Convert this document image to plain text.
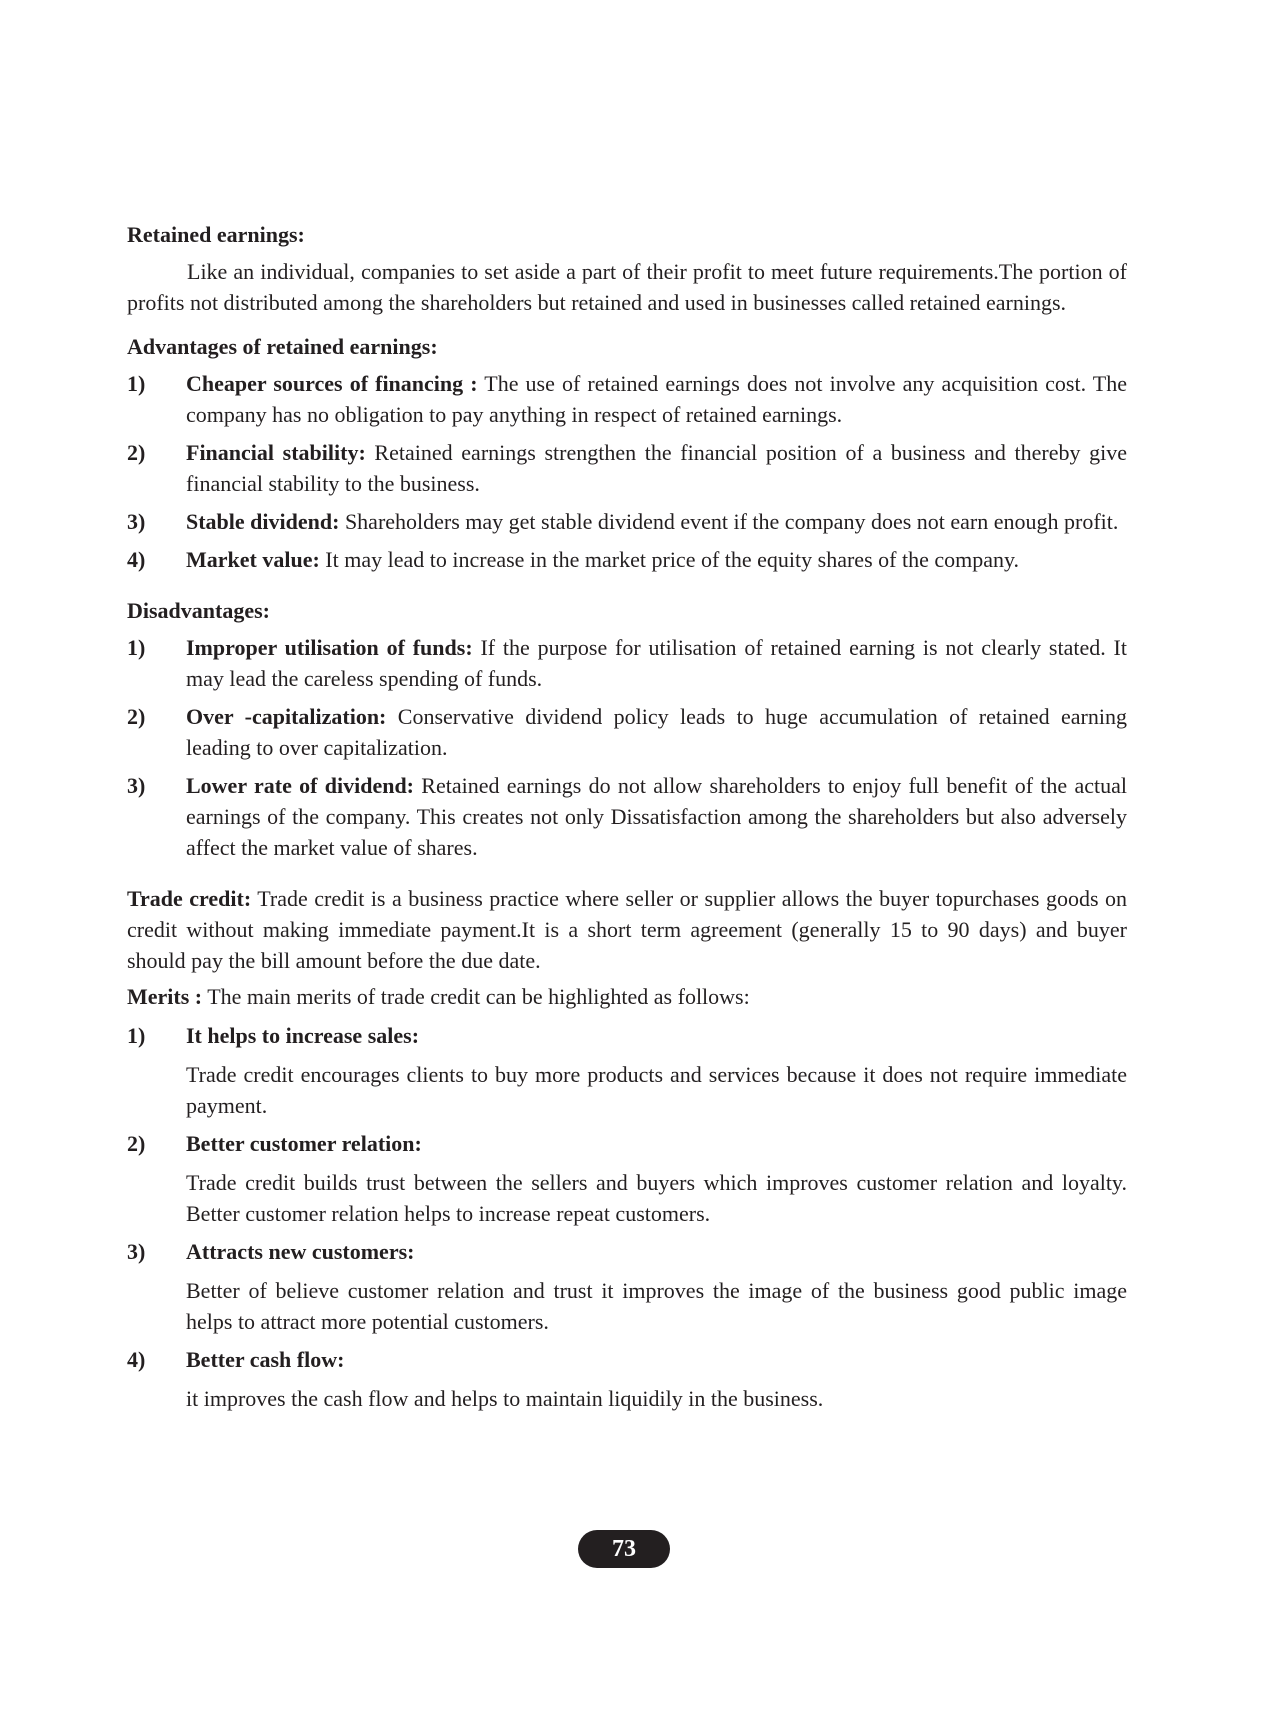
Retained earnings:

Like an individual, companies to set aside a part of their profit to meet future requirements.The portion of profits not distributed among the shareholders but retained and used in businesses called retained earnings.

Advantages of retained earnings:

1)	Cheaper sources of financing : The use of retained earnings does not involve any acquisition cost. The company has no obligation to pay anything in respect of retained earnings.
2)	Financial stability: Retained earnings strengthen the financial position of a business and thereby give financial stability to the business.
3)	Stable dividend: Shareholders may get stable dividend event if the company does not earn enough profit.
4)	Market value: It may lead to increase in the market price of the equity shares of the company.

Disadvantages:

1)	Improper utilisation of funds: If the purpose for utilisation of retained earning is not clearly stated. It may lead the careless spending of funds.
2)	Over -capitalization: Conservative dividend policy leads to huge accumulation of retained earning leading to over capitalization.
3)	Lower rate of dividend: Retained earnings do not allow shareholders to enjoy full benefit of the actual earnings of the company. This creates not only Dissatisfaction among the shareholders but also adversely affect the market value of shares.

Trade credit: Trade credit is a business practice where seller or supplier allows the buyer topurchases goods on credit without making immediate payment.It is a short term agreement (generally 15 to 90 days) and buyer should pay the bill amount before the due date.

Merits : The main merits of trade credit can be highlighted as follows:

1)	It helps to increase sales:
Trade credit encourages clients to buy more products and services because it does not require immediate payment.
2)	Better customer relation:
Trade credit builds trust between the sellers and buyers which improves customer relation and loyalty. Better customer relation helps to increase repeat customers.
3)	Attracts new customers:
Better of believe customer relation and trust it improves the image of the business good public image helps to attract more potential customers.
4)	Better cash flow:
it improves the cash flow and helps to maintain liquidily in the business.
73
